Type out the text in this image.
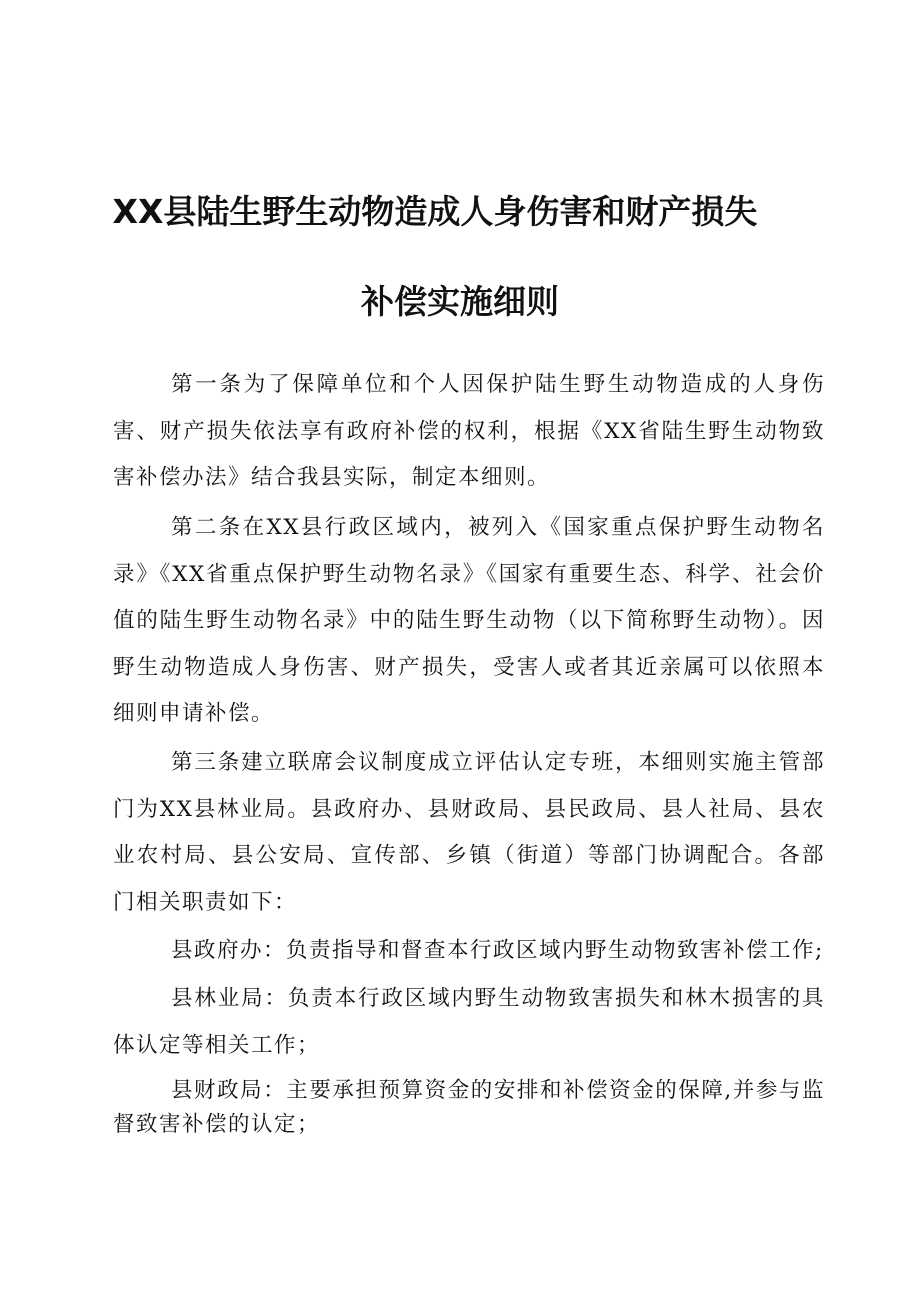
XX县陆生野生动物造成人身伤害和财产损失
补偿实施细则

第一条为了保障单位和个人因保护陆生野生动物造成的人身伤害、财产损失依法享有政府补偿的权利，根据《XX省陆生野生动物致害补偿办法》结合我县实际，制定本细则。

第二条在XX县行政区域内，被列入《国家重点保护野生动物名录》《XX省重点保护野生动物名录》《国家有重要生态、科学、社会价值的陆生野生动物名录》中的陆生野生动物（以下简称野生动物）。因野生动物造成人身伤害、财产损失，受害人或者其近亲属可以依照本细则申请补偿。

第三条建立联席会议制度成立评估认定专班，本细则实施主管部门为XX县林业局。县政府办、县财政局、县民政局、县人社局、县农业农村局、县公安局、宣传部、乡镇（街道）等部门协调配合。各部门相关职责如下：

县政府办：负责指导和督查本行政区域内野生动物致害补偿工作;

县林业局：负责本行政区域内野生动物致害损失和林木损害的具体认定等相关工作；

县财政局：主要承担预算资金的安排和补偿资金的保障,并参与监督致害补偿的认定；
